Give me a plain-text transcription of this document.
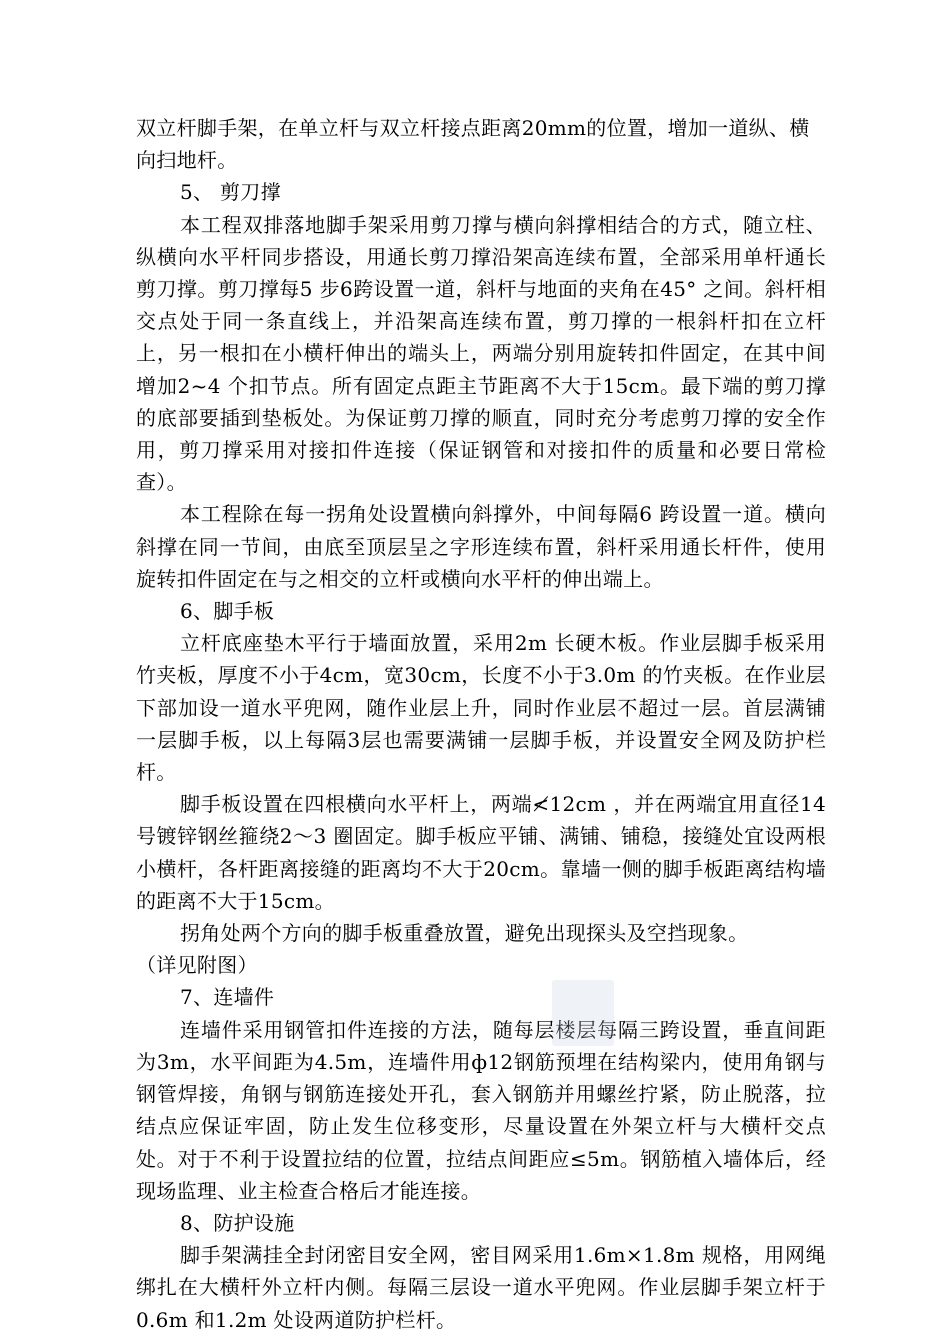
双立杆脚手架，在单立杆与双立杆接点距离20mm的位置，增加一道纵、横向扫地杆。

5、 剪刀撑

本工程双排落地脚手架采用剪刀撑与横向斜撑相结合的方式，随立柱、纵横向水平杆同步搭设，用通长剪刀撑沿架高连续布置，全部采用单杆通长剪刀撑。剪刀撑每5 步6跨设置一道，斜杆与地面的夹角在45° 之间。斜杆相交点处于同一条直线上，并沿架高连续布置，剪刀撑的一根斜杆扣在立杆上，另一根扣在小横杆伸出的端头上，两端分别用旋转扣件固定，在其中间增加2~4 个扣节点。所有固定点距主节距离不大于15cm。最下端的剪刀撑的底部要插到垫板处。为保证剪刀撑的顺直，同时充分考虑剪刀撑的安全作用，剪刀撑采用对接扣件连接（保证钢管和对接扣件的质量和必要日常检查）。

本工程除在每一拐角处设置横向斜撑外，中间每隔6 跨设置一道。横向斜撑在同一节间，由底至顶层呈之字形连续布置，斜杆采用通长杆件，使用旋转扣件固定在与之相交的立杆或横向水平杆的伸出端上。

6、脚手板

立杆底座垫木平行于墙面放置，采用2m 长硬木板。作业层脚手板采用竹夹板，厚度不小于4cm，宽30cm，长度不小于3.0m 的竹夹板。在作业层下部加设一道水平兜网，随作业层上升，同时作业层不超过一层。首层满铺一层脚手板，以上每隔3层也需要满铺一层脚手板，并设置安全网及防护栏杆。

脚手板设置在四根横向水平杆上，两端≮12cm ，并在两端宜用直径14 号镀锌钢丝箍绕2～3 圈固定。脚手板应平铺、满铺、铺稳，接缝处宜设两根小横杆，各杆距离接缝的距离均不大于20cm。靠墙一侧的脚手板距离结构墙的距离不大于15cm。

拐角处两个方向的脚手板重叠放置，避免出现探头及空挡现象。

（详见附图）

7、连墙件

连墙件采用钢管扣件连接的方法，随每层楼层每隔三跨设置，垂直间距为3m，水平间距为4.5m，连墙件用ф12钢筋预埋在结构梁内，使用角钢与钢管焊接，角钢与钢筋连接处开孔，套入钢筋并用螺丝拧紧，防止脱落，拉结点应保证牢固，防止发生位移变形，尽量设置在外架立杆与大横杆交点处。对于不利于设置拉结的位置，拉结点间距应≤5m。钢筋植入墙体后，经现场监理、业主检查合格后才能连接。

8、防护设施

脚手架满挂全封闭密目安全网，密目网采用1.6m×1.8m 规格，用网绳绑扎在大横杆外立杆内侧。每隔三层设一道水平兜网。作业层脚手架立杆于0.6m 和1.2m 处设两道防护栏杆。
